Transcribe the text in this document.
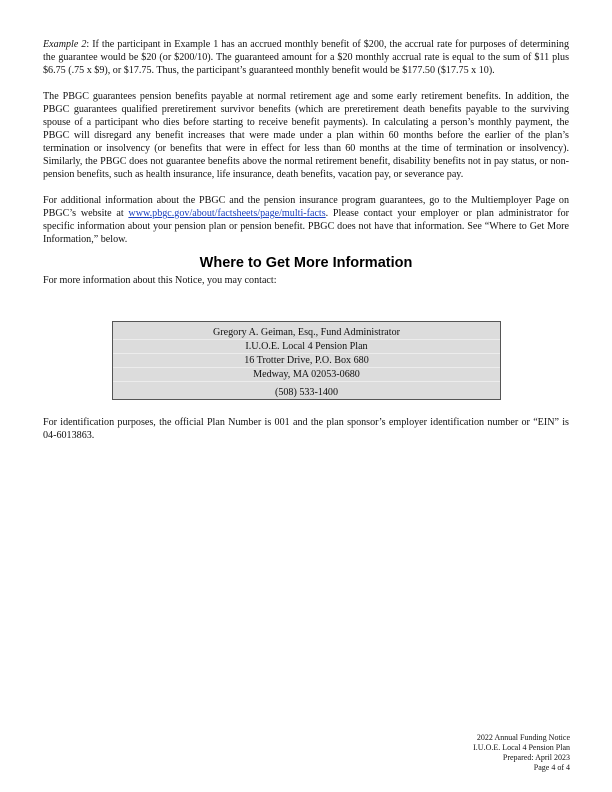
Example 2: If the participant in Example 1 has an accrued monthly benefit of $200, the accrual rate for purposes of determining the guarantee would be $20 (or $200/10). The guaranteed amount for a $20 monthly accrual rate is equal to the sum of $11 plus $6.75 (.75 x $9), or $17.75. Thus, the participant’s guaranteed monthly benefit would be $177.50 ($17.75 x 10).

The PBGC guarantees pension benefits payable at normal retirement age and some early retirement benefits. In addition, the PBGC guarantees qualified preretirement survivor benefits (which are preretirement death benefits payable to the surviving spouse of a participant who dies before starting to receive benefit payments). In calculating a person’s monthly payment, the PBGC will disregard any benefit increases that were made under a plan within 60 months before the earlier of the plan’s termination or insolvency (or benefits that were in effect for less than 60 months at the time of termination or insolvency). Similarly, the PBGC does not guarantee benefits above the normal retirement benefit, disability benefits not in pay status, or non-pension benefits, such as health insurance, life insurance, death benefits, vacation pay, or severance pay.

For additional information about the PBGC and the pension insurance program guarantees, go to the Multiemployer Page on PBGC’s website at www.pbgc.gov/about/factsheets/page/multi-facts. Please contact your employer or plan administrator for specific information about your pension plan or pension benefit. PBGC does not have that information. See “Where to Get More Information,” below.

Where to Get More Information

For more information about this Notice, you may contact:

Gregory A. Geiman, Esq., Fund Administrator
I.U.O.E. Local 4 Pension Plan
16 Trotter Drive, P.O. Box 680
Medway, MA 02053-0680
(508) 533-1400

For identification purposes, the official Plan Number is 001 and the plan sponsor’s employer identification number or “EIN” is 04-6013863.

2022 Annual Funding Notice
I.U.O.E. Local 4 Pension Plan
Prepared: April 2023
Page 4 of 4
